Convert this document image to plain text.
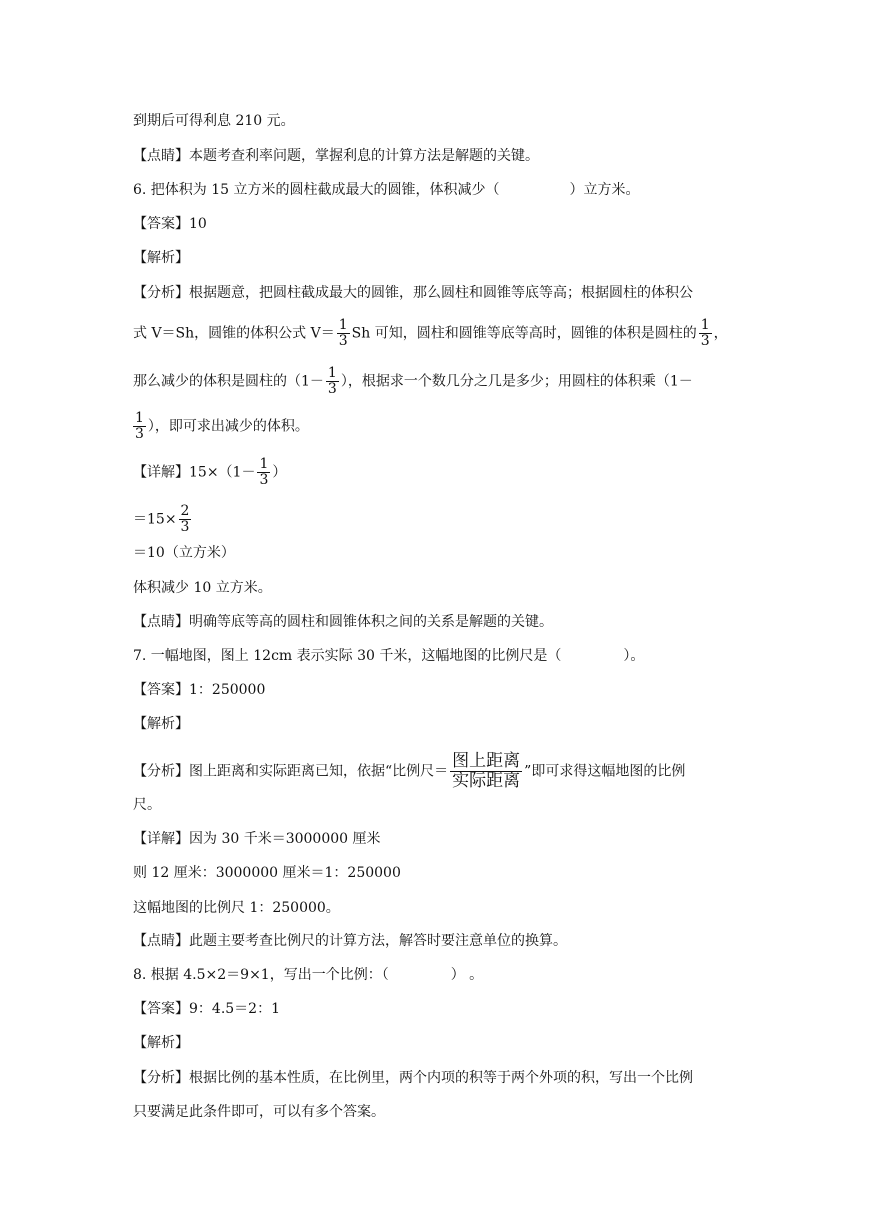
到期后可得利息 210 元。
【点睛】本题考查利率问题，掌握利息的计算方法是解题的关键。
6. 把体积为 15 立方米的圆柱截成最大的圆锥，体积减少（	）立方米。
【答案】10
【解析】
【分析】根据题意，把圆柱截成最大的圆锥，那么圆柱和圆锥等底等高；根据圆柱的体积公
式 V＝Sh，圆锥的体积公式 $V= \frac{1}{3}$ Sh 可知，圆柱和圆锥等底等高时，圆锥的体积是圆柱的 $\frac{1}{3}$ ，
那么减少的体积是圆柱的（$1- \frac{1}{3}$ ），根据求一个数几分之几是多少；用圆柱的体积乘（1－
$\frac{1}{3}$ ），即可求出减少的体积。
【详解】$15\times(1- \frac{1}{3}$ ）
$=15\times \frac{2}{3}$
＝10（立方米）
体积减少 10 立方米。
【点睛】明确等底等高的圆柱和圆锥体积之间的关系是解题的关键。
7. 一幅地图，图上 12cm 表示实际 30 千米，这幅地图的比例尺是（	）。
【答案】1：250000
【解析】
【分析】图上距离和实际距离已知，依据“比例尺＝ $\frac{\text{图上距离}}{\text{实际距离}}$ ”即可求得这幅地图的比例
尺。
【详解】因为 30 千米＝3000000 厘米
则 12 厘米：3000000 厘米＝1：250000
这幅地图的比例尺 1：250000。
【点睛】此题主要考查比例尺的计算方法，解答时要注意单位的换算。
8. 根据 4.5×2＝9×1，写出一个比例：（	） 。
【答案】9：4.5＝2：1
【解析】
【分析】根据比例的基本性质，在比例里，两个内项的积等于两个外项的积，写出一个比例
只要满足此条件即可，可以有多个答案。
